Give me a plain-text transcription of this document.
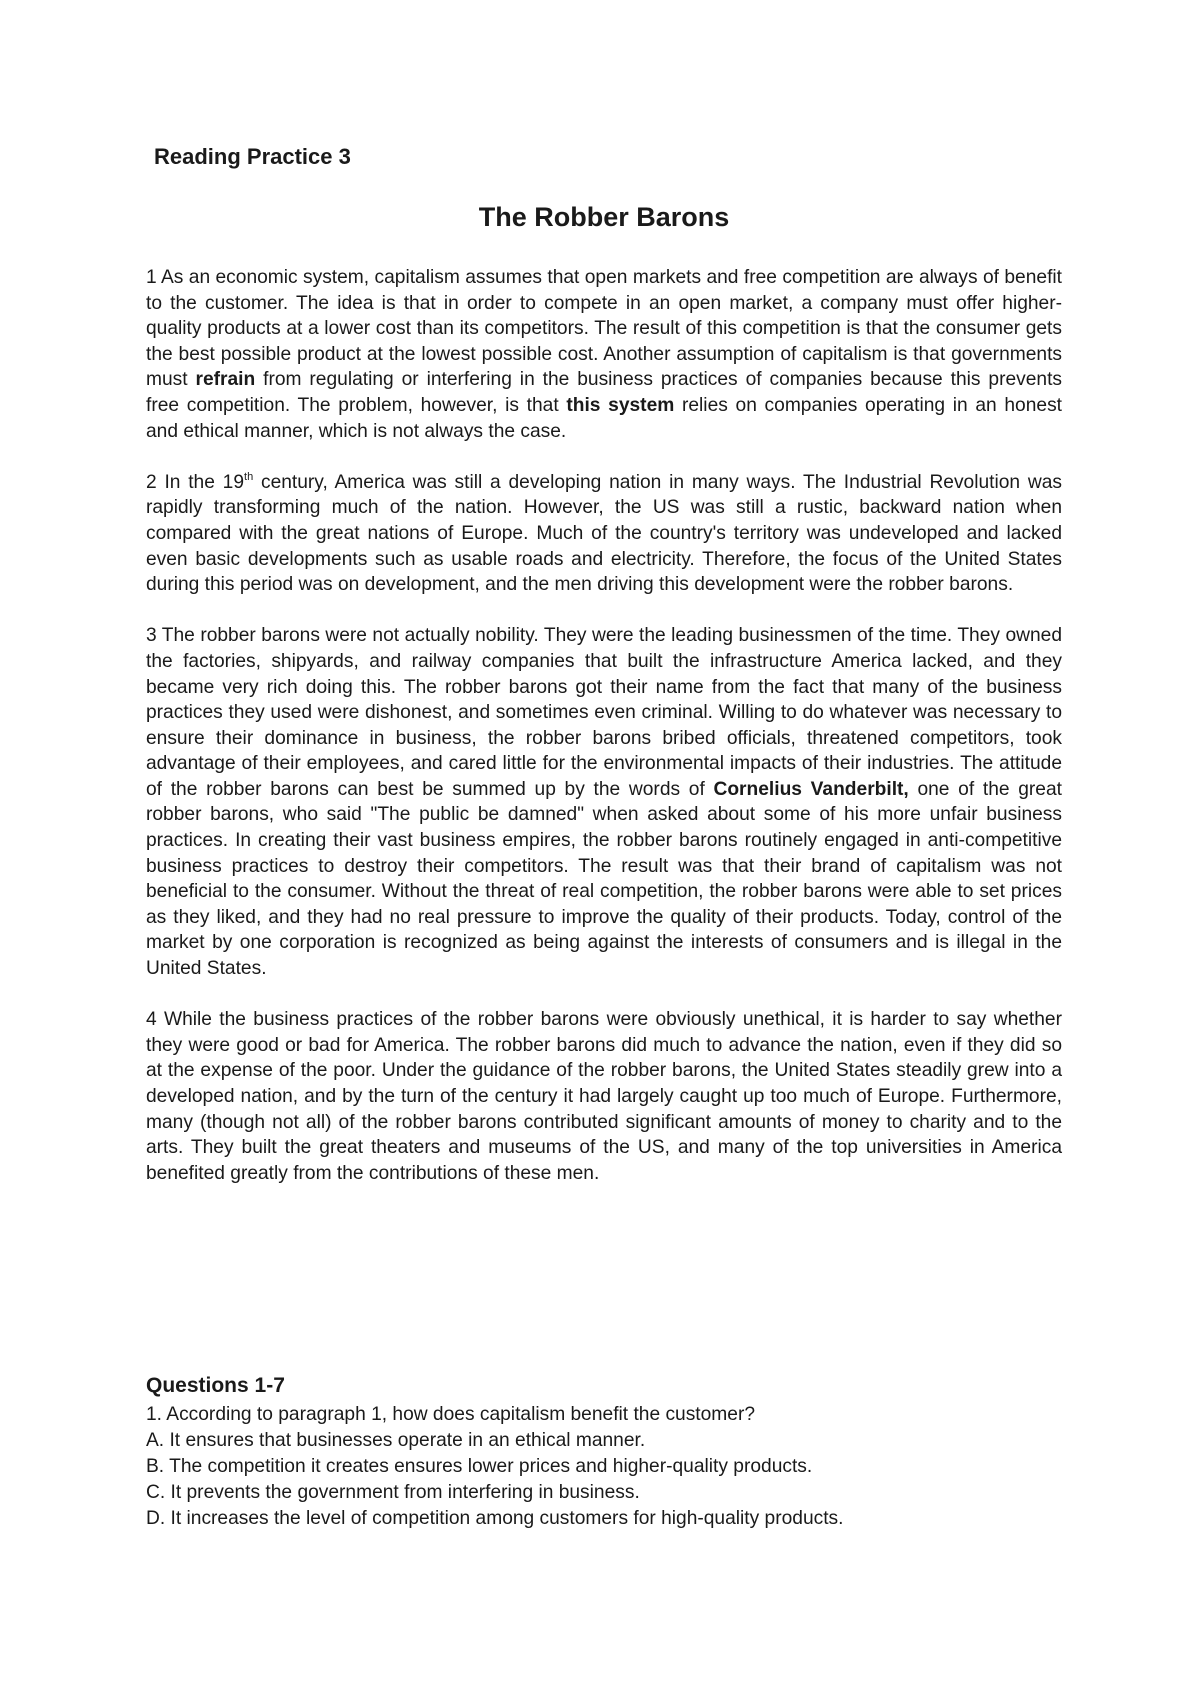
Reading Practice 3
The Robber Barons

1 As an economic system, capitalism assumes that open markets and free competition are always of benefit to the customer. The idea is that in order to compete in an open market, a company must offer higher-quality products at a lower cost than its competitors. The result of this competition is that the consumer gets the best possible product at the lowest possible cost. Another assumption of capitalism is that governments must refrain from regulating or interfering in the business practices of companies because this prevents free competition. The problem, however, is that this system relies on companies operating in an honest and ethical manner, which is not always the case.

2 In the 19th century, America was still a developing nation in many ways. The Industrial Revolution was rapidly transforming much of the nation. However, the US was still a rustic, backward nation when compared with the great nations of Europe. Much of the country's territory was undeveloped and lacked even basic developments such as usable roads and electricity. Therefore, the focus of the United States during this period was on development, and the men driving this development were the robber barons.

3 The robber barons were not actually nobility. They were the leading businessmen of the time. They owned the factories, shipyards, and railway companies that built the infrastructure America lacked, and they became very rich doing this. The robber barons got their name from the fact that many of the business practices they used were dishonest, and sometimes even criminal. Willing to do whatever was necessary to ensure their dominance in business, the robber barons bribed officials, threatened competitors, took advantage of their employees, and cared little for the environmental impacts of their industries. The attitude of the robber barons can best be summed up by the words of Cornelius Vanderbilt, one of the great robber barons, who said "The public be damned" when asked about some of his more unfair business practices. In creating their vast business empires, the robber barons routinely engaged in anti-competitive business practices to destroy their competitors. The result was that their brand of capitalism was not beneficial to the consumer. Without the threat of real competition, the robber barons were able to set prices as they liked, and they had no real pressure to improve the quality of their products. Today, control of the market by one corporation is recognized as being against the interests of consumers and is illegal in the United States.

4 While the business practices of the robber barons were obviously unethical, it is harder to say whether they were good or bad for America. The robber barons did much to advance the nation, even if they did so at the expense of the poor. Under the guidance of the robber barons, the United States steadily grew into a developed nation, and by the turn of the century it had largely caught up too much of Europe. Furthermore, many (though not all) of the robber barons contributed significant amounts of money to charity and to the arts. They built the great theaters and museums of the US, and many of the top universities in America benefited greatly from the contributions of these men.

Questions 1-7

1. According to paragraph 1, how does capitalism benefit the customer?

A. It ensures that businesses operate in an ethical manner.

B. The competition it creates ensures lower prices and higher-quality products.

C. It prevents the government from interfering in business.

D. It increases the level of competition among customers for high-quality products.
